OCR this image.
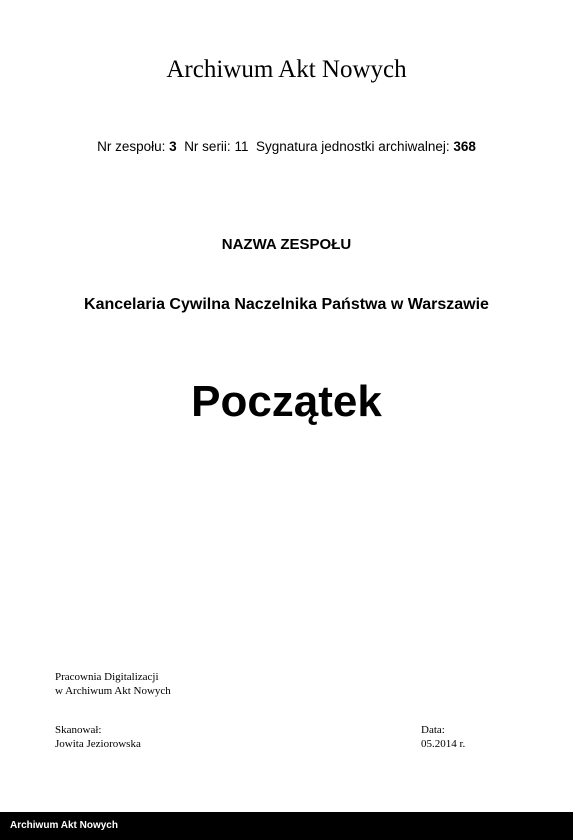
Archiwum Akt Nowych
Nr zespołu: 3 Nr serii: 11 Sygnatura jednostki archiwalnej: 368
NAZWA ZESPOŁU
Kancelaria Cywilna Naczelnika Państwa w Warszawie
Początek
Pracownia Digitalizacji
w Archiwum Akt Nowych
Skanował:
Jowita Jeziorowska
Data:
05.2014 r.
Archiwum Akt Nowych
